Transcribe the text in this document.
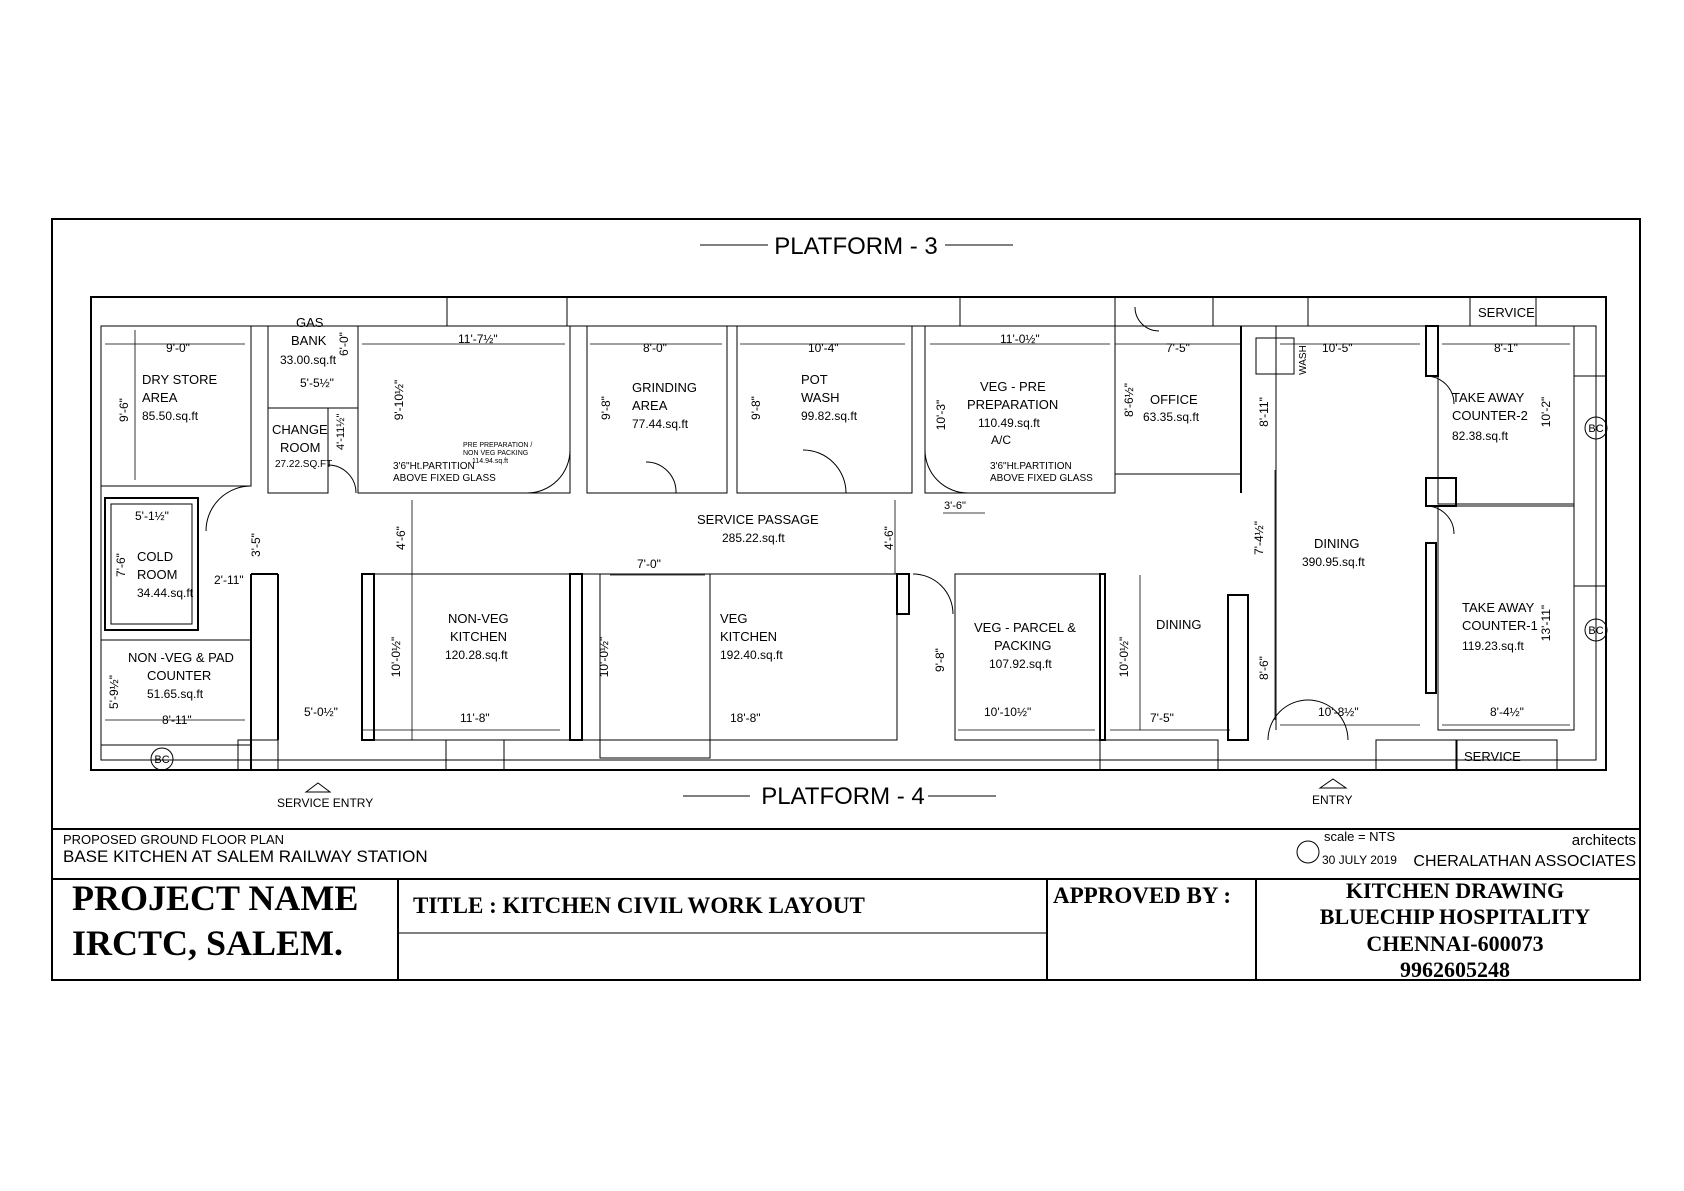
PLATFORM - 3
PLATFORM - 4
BC
BC
BC
9'-0"
9'-6"
DRY STORE
AREA
85.50.sq.ft
GAS
BANK
33.00.sq.ft
5'-5½"
6'-0"
CHANGE
ROOM
27.22.SQ.FT
4'-11½"
5'-1½"
7'-6" COLD
ROOM
34.44.sq.ft
2'-11"
5'-0½"
3'-5"
NON -VEG & PAD
COUNTER
51.65.sq.ft
8'-11"
5'-9½"
11'-7½"
9'-10½"
PRE PREPARATION /
NON VEG PACKING
114.94.sq.ft
3'6"Ht.PARTITION
ABOVE FIXED GLASS
8'-0"
9'-8"
GRINDING
AREA
77.44.sq.ft
10'-4"
9'-8"
POT
WASH
99.82.sq.ft
11'-0½"
10'-3"
VEG - PRE
PREPARATION
110.49.sq.ft
A/C
3'6"Ht.PARTITION
ABOVE FIXED GLASS
3'-6"
7'-5"
8'-6½" OFFICE
63.35.sq.ft
WASH
SERVICE PASSAGE
285.22.sq.ft
4'-6"	4'-6"
NON-VEG
KITCHEN
120.28.sq.ft
11'-8"
10'-0½"
7'-0"
VEG
KITCHEN
192.40.sq.ft
18'-8"
10'-0½"
VEG - PARCEL &
PACKING
107.92.sq.ft
10'-10½"
9'-8"
DINING
7'-5"
10'-0½"
DINING
390.95.sq.ft
10'-5"
8'-11"
7'-4½"
8'-6"
10'-8½"
8'-1"
10'-2"
TAKE AWAY
COUNTER-2
82.38.sq.ft
TAKE AWAY
COUNTER-1
119.23.sq.ft
8'-4½"
13'-11"
SERVICE
SERVICE
SERVICE ENTRY	ENTRY
PROPOSED GROUND FLOOR PLAN
BASE KITCHEN AT SALEM RAILWAY STATION
scale = NTS
30 JULY 2019
architects
CHERALATHAN ASSOCIATES
PROJECT NAME
IRCTC, SALEM.
TITLE : KITCHEN CIVIL WORK LAYOUT	APPROVED BY :	KITCHEN DRAWING
BLUECHIP HOSPITALITY
CHENNAI-600073
9962605248
